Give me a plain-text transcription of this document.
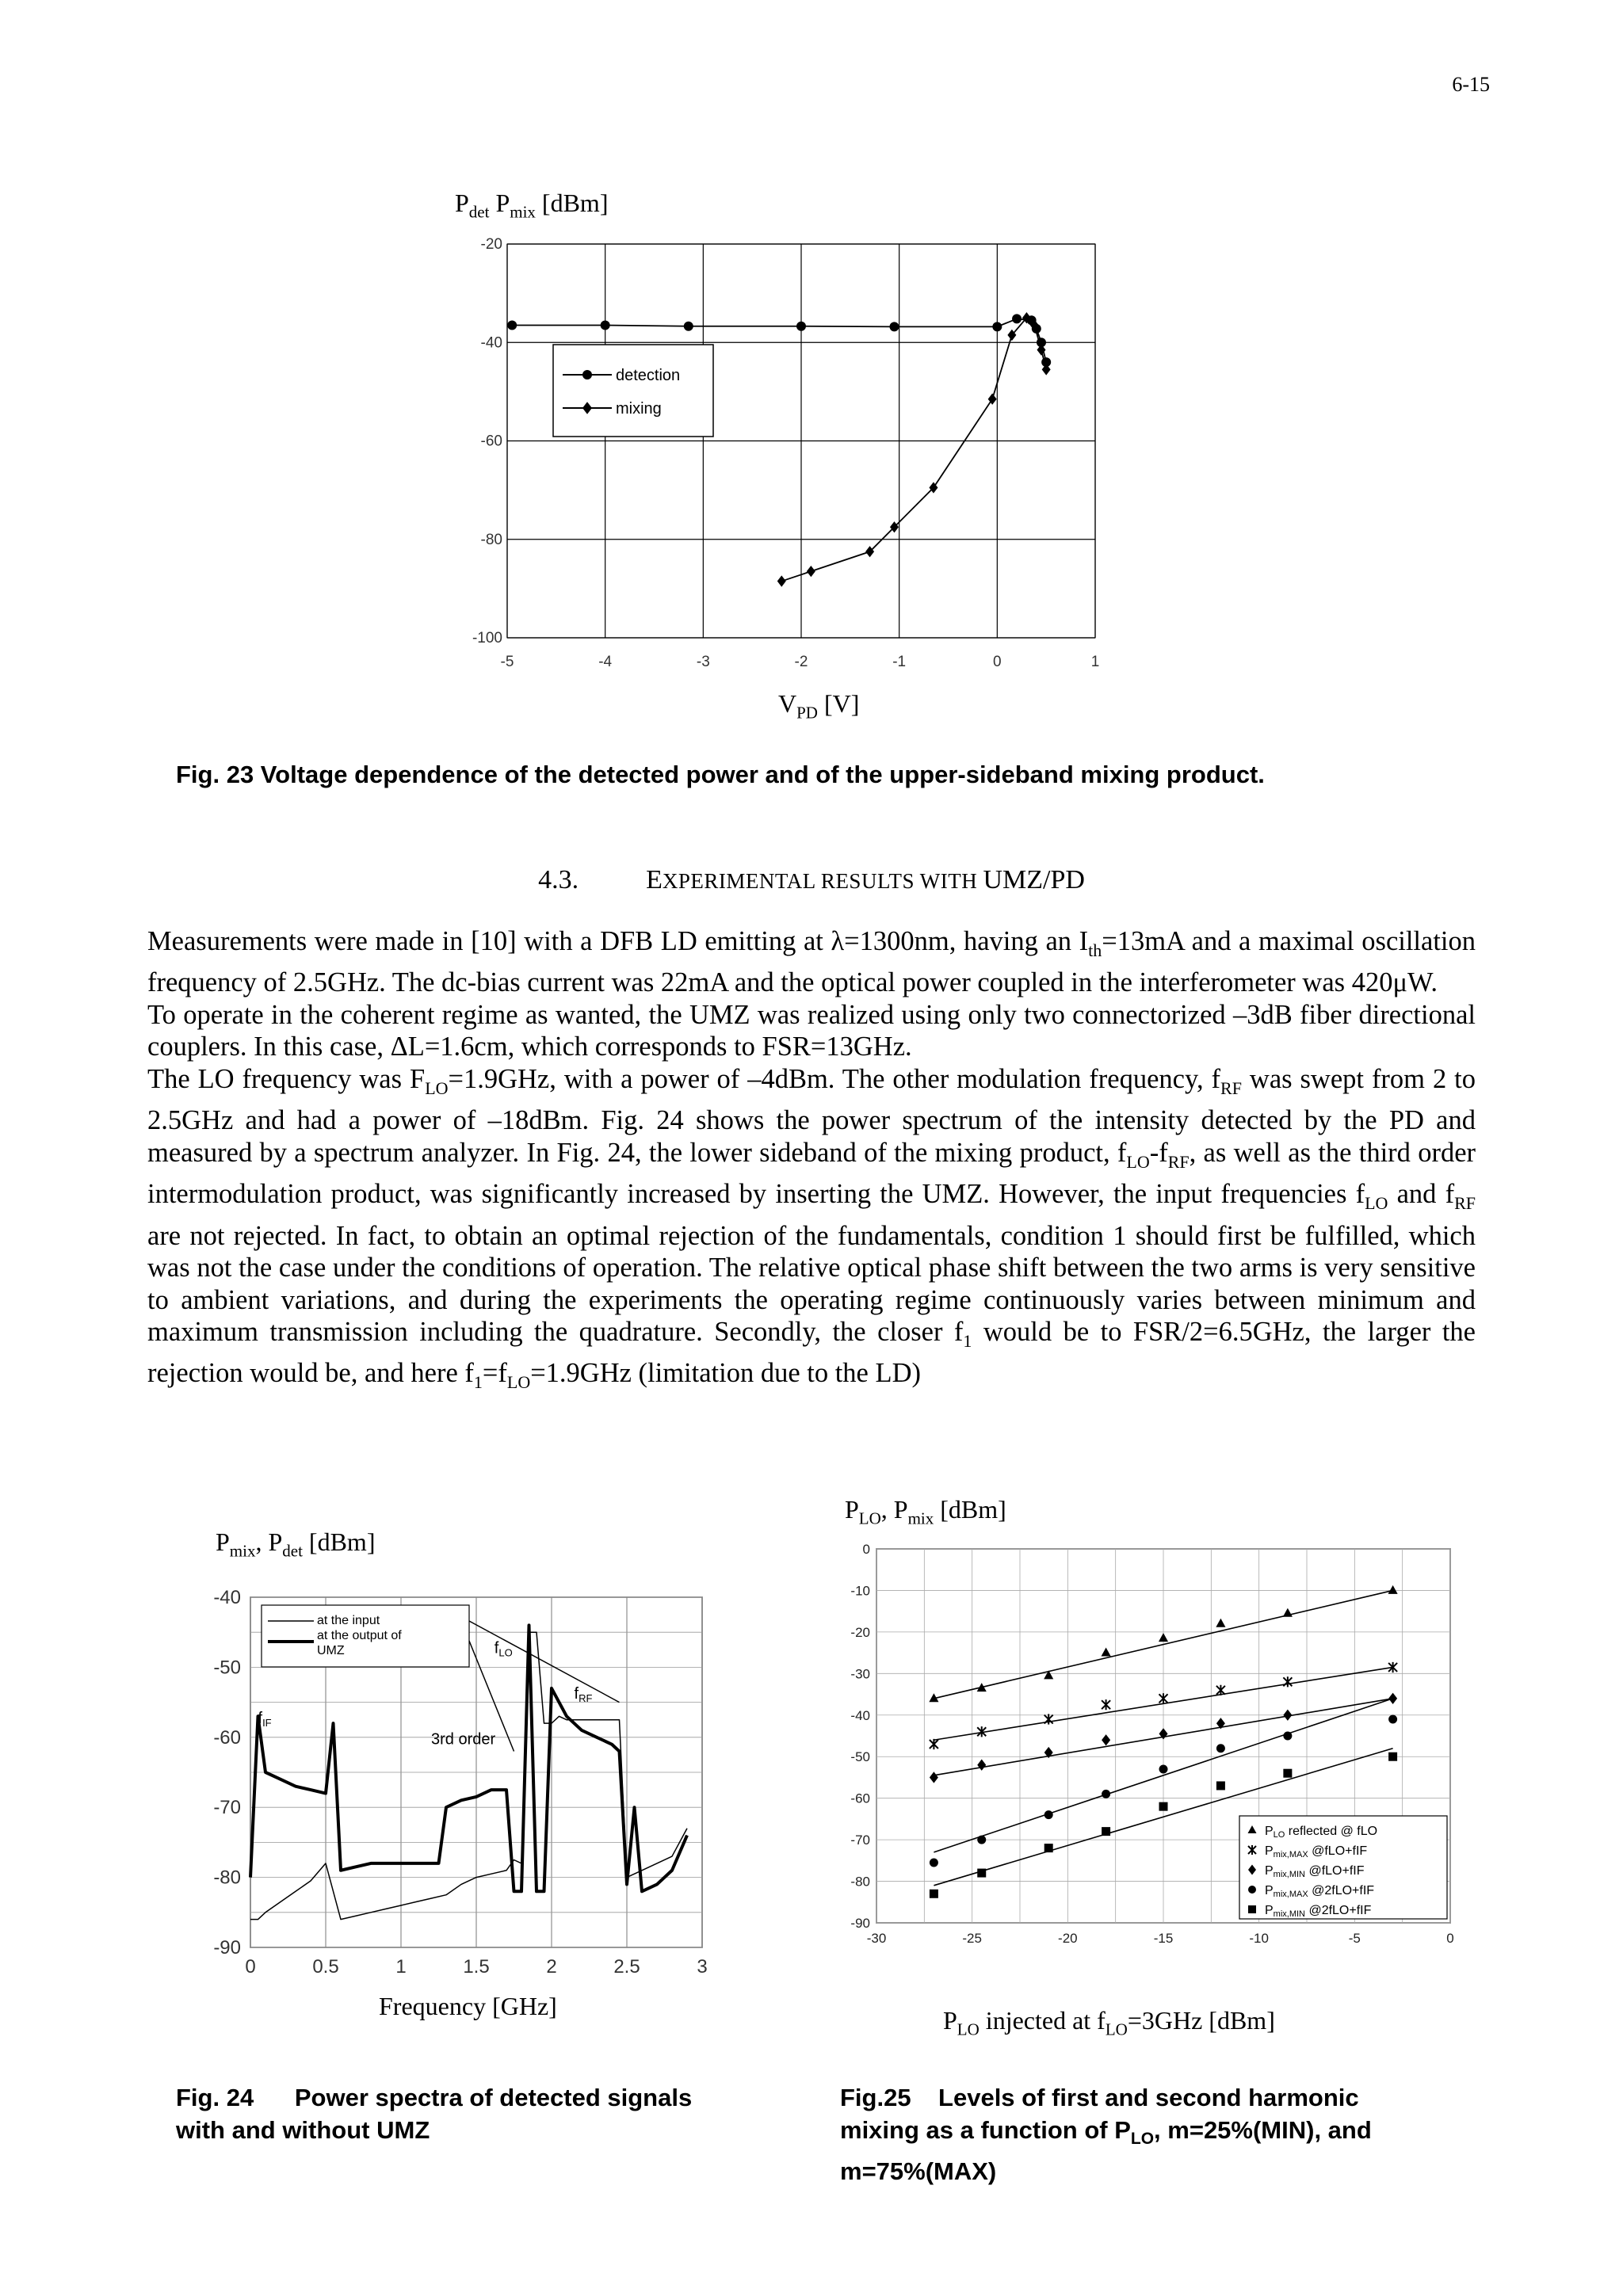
6-15
$P_{det}$ $P_{mix}$ [dBm]
-5	-4	-3	-2	-1	0	1
-20
-40
-60
-80
-100
detection
mixing
$V_{PD}$ [V]
Fig. 23 Voltage dependence of the detected power and of the upper-sideband mixing product.
4.3.	EXPERIMENTAL RESULTS WITH UMZ/PD

Measurements were made in [10] with a DFB LD emitting at λ=1300nm, having an $I_{th}=13mA$ and a maximal oscillation frequency of 2.5GHz. The dc-bias current was 22mA and the optical power coupled in the interferometer was 420μW.

To operate in the coherent regime as wanted, the UMZ was realized using only two connectorized –3dB fiber directional couplers. In this case, ΔL=1.6cm, which corresponds to FSR=13GHz.

The LO frequency was $F_{LO}=1.9GHz$, with a power of –4dBm. The other modulation frequency, $f_{RF}$ was swept from 2 to 2.5GHz and had a power of –18dBm. Fig. 24 shows the power spectrum of the intensity detected by the PD and measured by a spectrum analyzer. In Fig. 24, the lower sideband of the mixing product, $f_{LO}-f_{RF}$, as well as the third order intermodulation product, was significantly increased by inserting the UMZ. However, the input frequencies $f_{LO}$ and $f_{RF}$ are not rejected. In fact, to obtain an optimal rejection of the fundamentals, condition 1 should first be fulfilled, which was not the case under the conditions of operation. The relative optical phase shift between the two arms is very sensitive to ambient variations, and during the experiments the operating regime continuously varies between minimum and maximum transmission including the quadrature. Secondly, the closer $f_1$ would be to FSR/2=6.5GHz, the larger the rejection would be, and here $f_1=f_{LO}=1.9GHz$ (limitation due to the LD)

$P_{mix}$, $P_{det}$ [dBm]
0	0.5	1	1.5	2	2.5	3
-40
-50
-60
-70
-80
-90
at the input
at the output of
UMZ
$f_{IF}$
$f_{LO}$
$f_{RF}$
3rd order
Frequency [GHz]
Fig. 24      Power spectra of detected signals
with and without UMZ
$P_{LO}$, $P_{mix}$ [dBm]
0
-10
-20
-30
-40
-50
-60
-70
-80
-90
-30	-25	-20	-15	-10	-5	0
PLO reflected @ fLO
Pmix,MAX @fLO+fIF
Pmix,MIN @fLO+fIF
Pmix,MAX @2fLO+fIF
Pmix,MIN @2fLO+fIF
$P_{LO}$ injected at $f_{LO}=3GHz$ [dBm]
Fig.25    Levels of first and second harmonic
mixing as a function of $P_{LO}$, m=25%(MIN), and
m=75%(MAX)
